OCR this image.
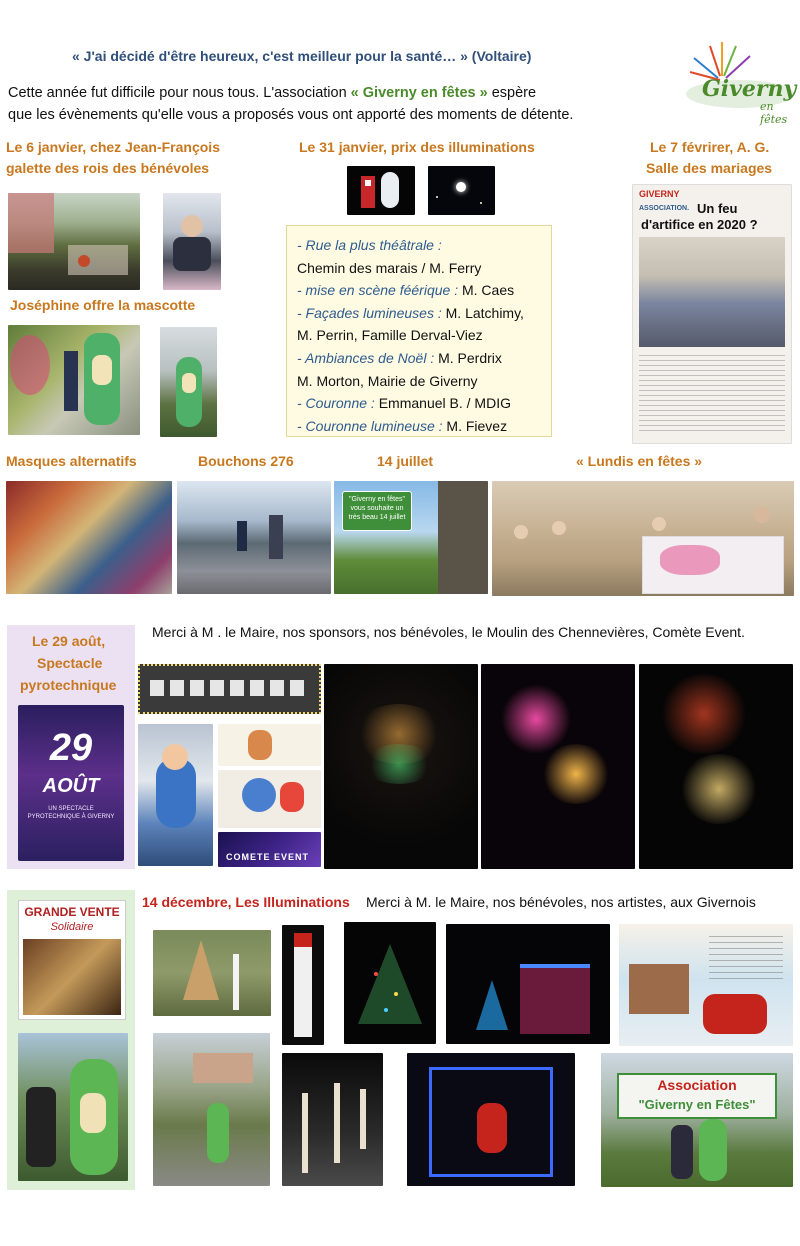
« J'ai décidé d'être heureux, c'est meilleur pour la santé… » (Voltaire)
Cette année fut difficile pour nous tous. L'association « Giverny en fêtes » espère
que les évènements qu'elle vous a proposés vous ont apporté des moments de détente.
Giverny
en fêtes
Le 6 janvier, chez Jean-François
galette des rois des bénévoles
Le 31 janvier, prix des illuminations	Le 7 févrirer, A. G.
Salle des mariages
Joséphine offre la mascotte
- Rue la plus théâtrale :
Chemin des marais / M. Ferry
- mise en scène féérique : M. Caes
- Façades lumineuses : M. Latchimy,
M. Perrin, Famille Derval-Viez
- Ambiances de Noël : M. Perdrix
M. Morton, Mairie de Giverny
- Couronne : Emmanuel B. / MDIG
- Couronne lumineuse : M. Fievez
GIVERNY
ASSOCIATION. Un feu
d'artifice en 2020 ?
Masques alternatifs	Bouchons 276	14 juillet	« Lundis en fêtes »
"Giverny en fêtes" vous souhaite un très beau 14 juillet
Le 29 août,
Spectacle
pyrotechnique
29
AOÛT
UN SPECTACLE PYROTECHNIQUE À GIVERNY
Merci à M . le Maire, nos sponsors, nos bénévoles, le Moulin des Chennevières, Comète Event.
COMETE EVENT
GRANDE VENTE
Solidaire
14 décembre, Les Illuminations Merci à M. le Maire, nos bénévoles, nos artistes, aux Givernois
Association
"Giverny en Fêtes"
